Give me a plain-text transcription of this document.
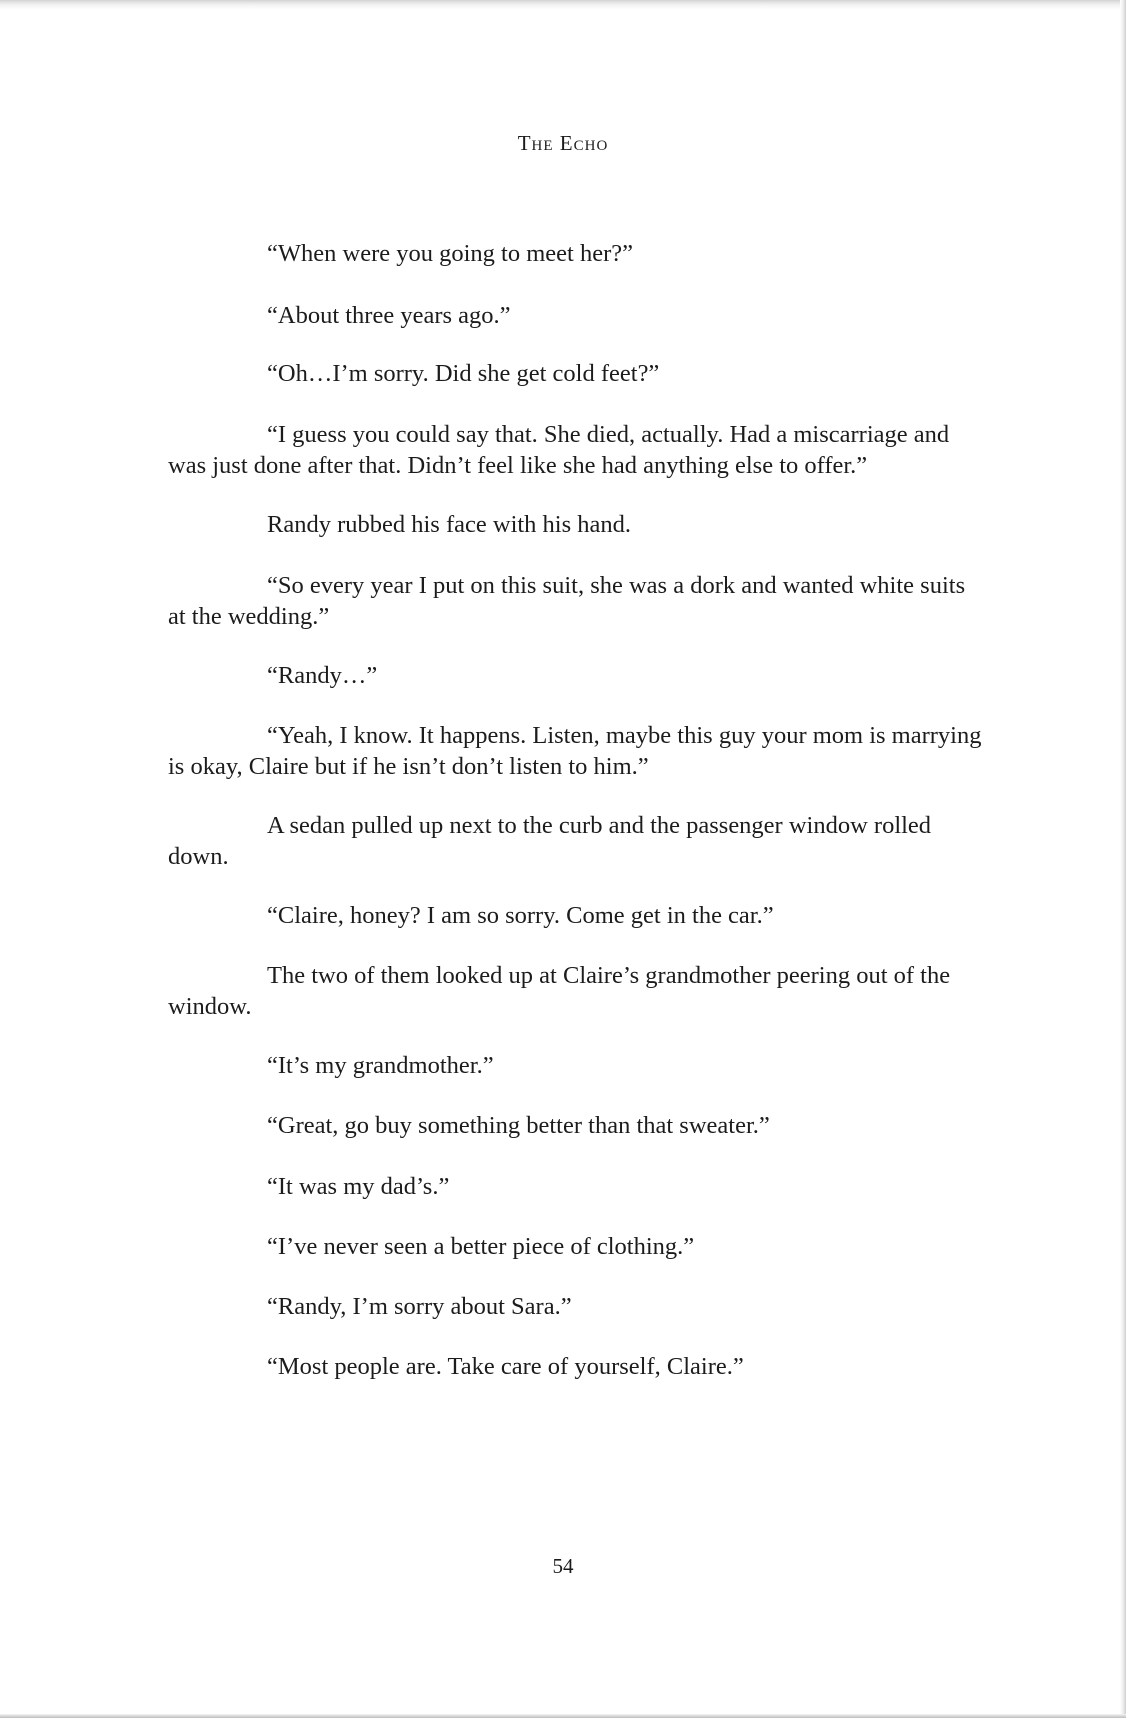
The Echo

“When were you going to meet her?”

“About three years ago.”

“Oh…I’m sorry. Did she get cold feet?”

“I guess you could say that. She died, actually. Had a miscarriage and was just done after that. Didn’t feel like she had anything else to offer.”

Randy rubbed his face with his hand.

“So every year I put on this suit, she was a dork and wanted white suits at the wedding.”

“Randy…”

“Yeah, I know. It happens. Listen, maybe this guy your mom is marrying is okay, Claire but if he isn’t don’t listen to him.”

A sedan pulled up next to the curb and the passenger window rolled down.

“Claire, honey? I am so sorry. Come get in the car.”

The two of them looked up at Claire’s grandmother peering out of the window.

“It’s my grandmother.”

“Great, go buy something better than that sweater.”

“It was my dad’s.”

“I’ve never seen a better piece of clothing.”

“Randy, I’m sorry about Sara.”

“Most people are. Take care of yourself, Claire.”

54
